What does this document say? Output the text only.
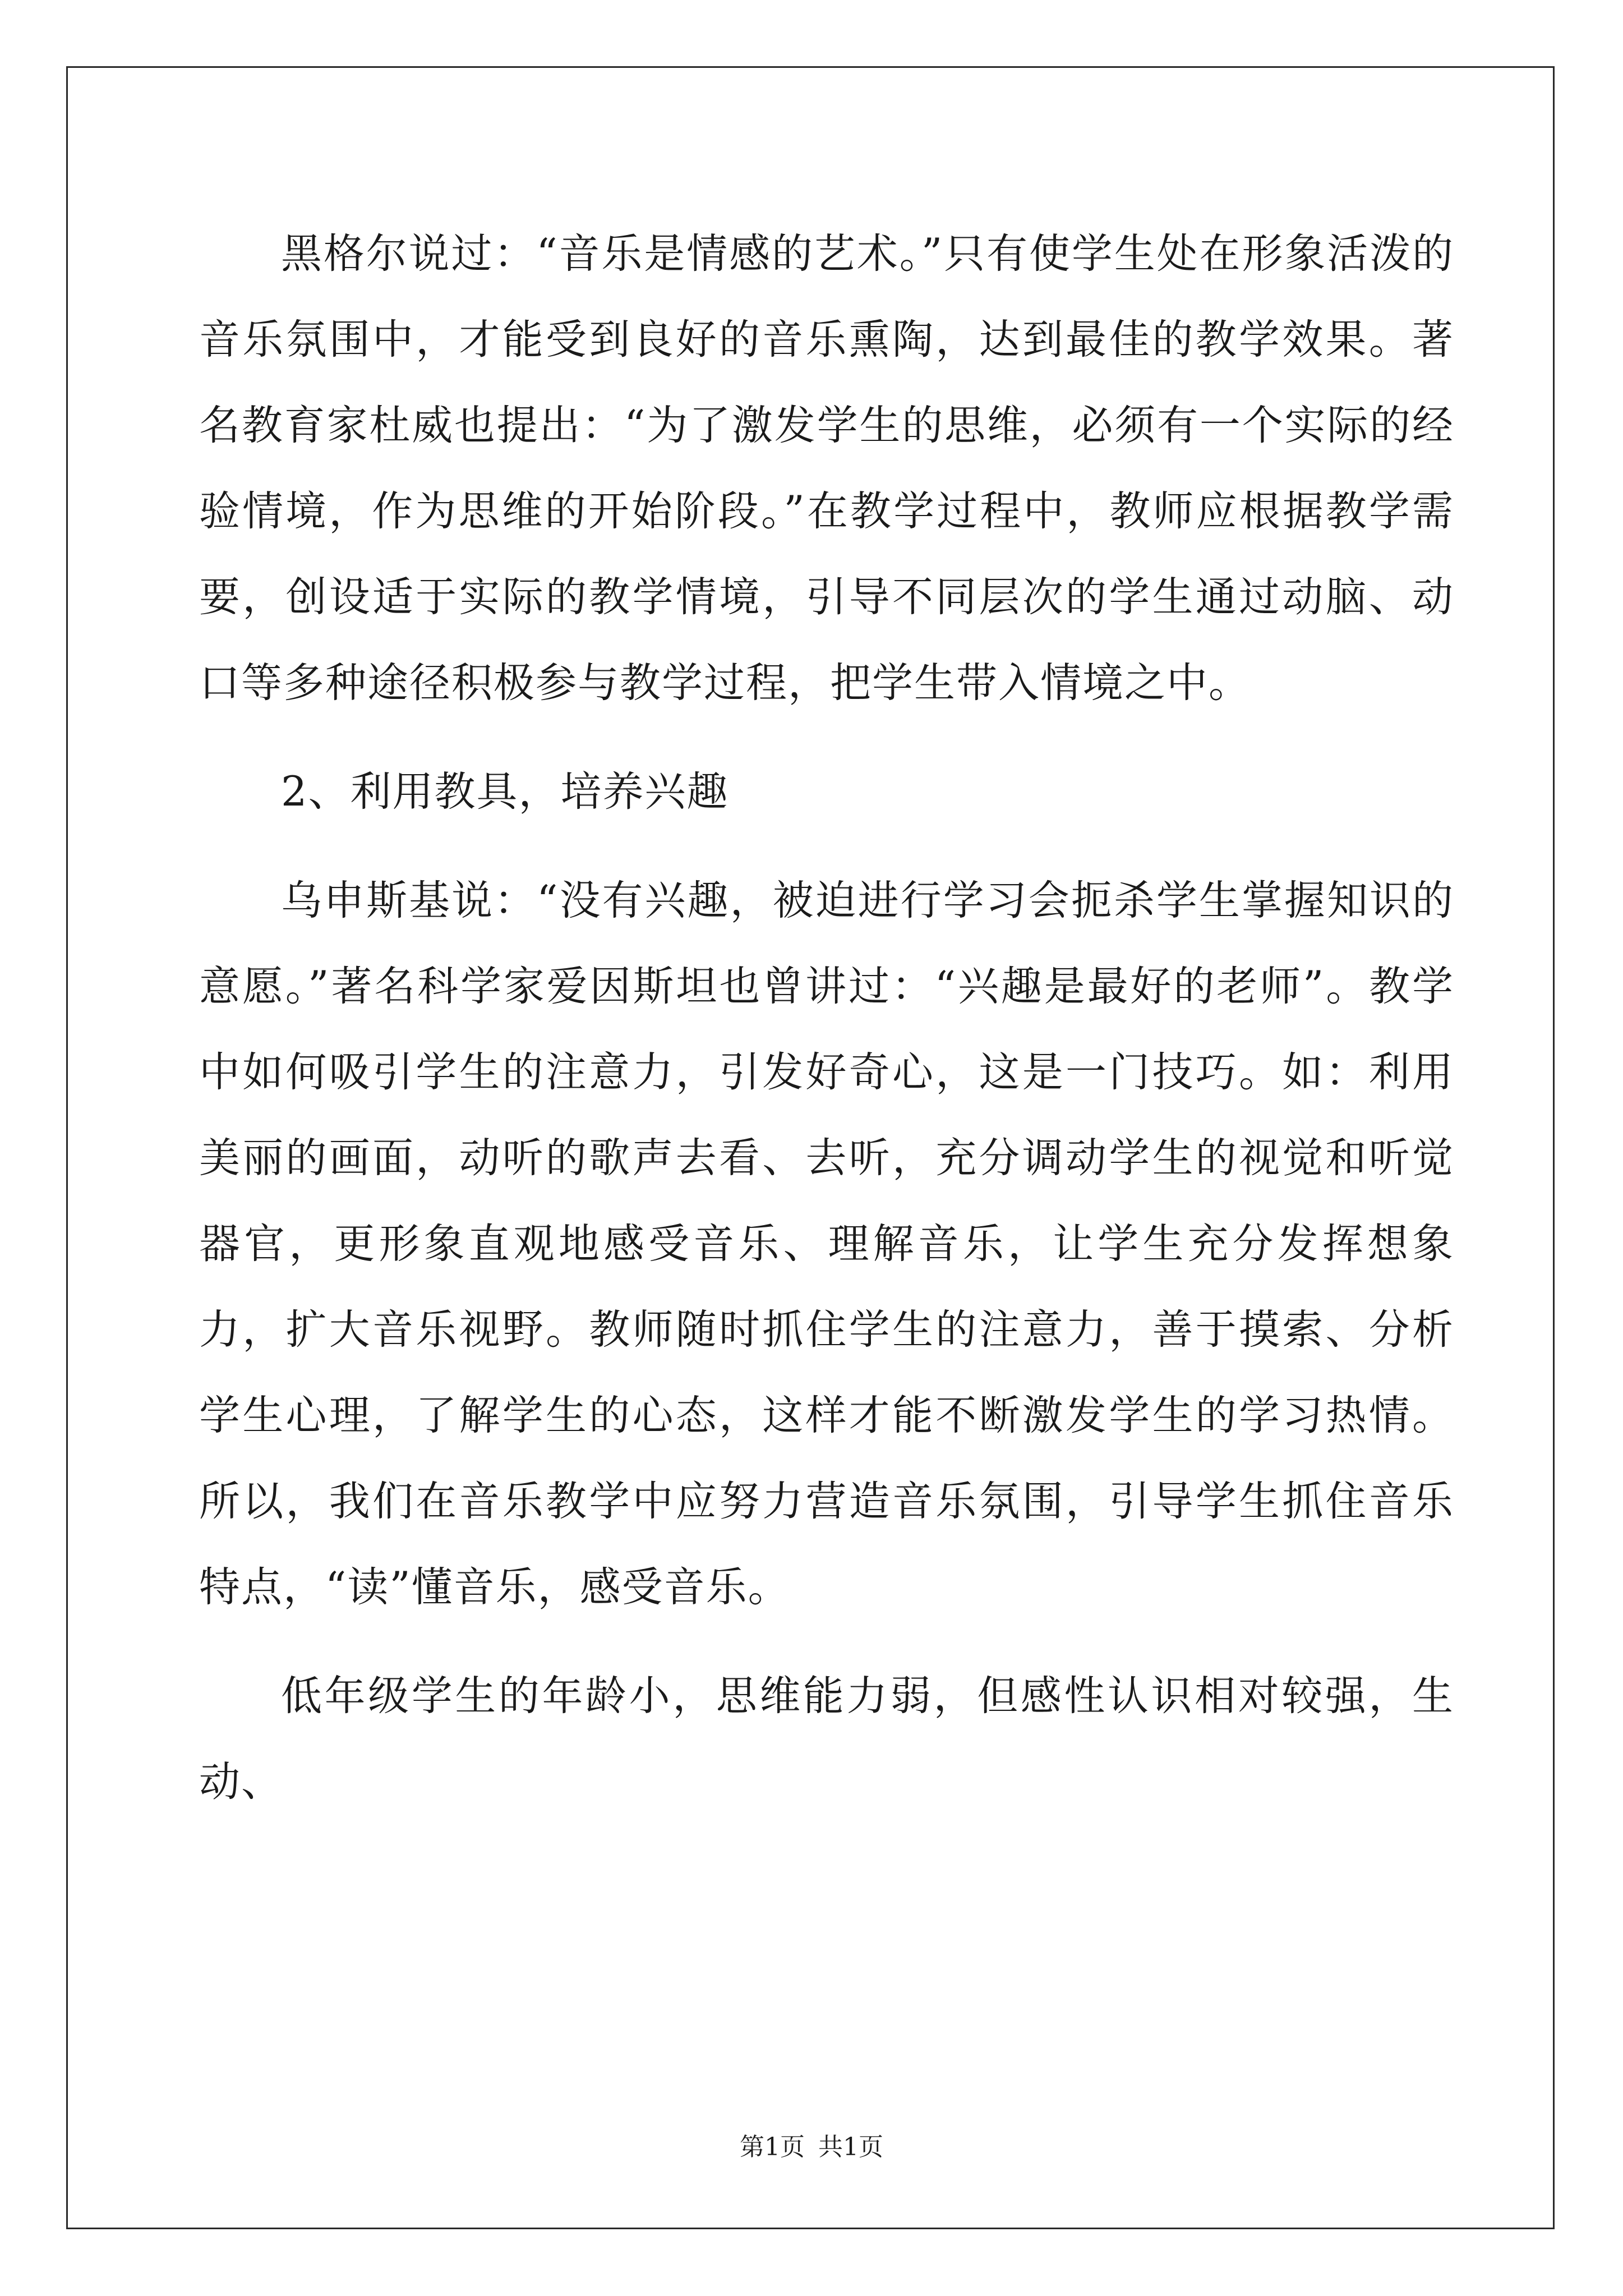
黑格尔说过：“音乐是情感的艺术。”只有使学生处在形象活泼的音乐氛围中，才能受到良好的音乐熏陶，达到最佳的教学效果。著名教育家杜威也提出：“为了激发学生的思维，必须有一个实际的经验情境，作为思维的开始阶段。”在教学过程中，教师应根据教学需要，创设适于实际的教学情境，引导不同层次的学生通过动脑、动口等多种途径积极参与教学过程，把学生带入情境之中。

2、利用教具，培养兴趣

乌申斯基说：“没有兴趣，被迫进行学习会扼杀学生掌握知识的意愿。”著名科学家爱因斯坦也曾讲过：“兴趣是最好的老师”。教学中如何吸引学生的注意力，引发好奇心，这是一门技巧。如：利用美丽的画面，动听的歌声去看、去听，充分调动学生的视觉和听觉器官，更形象直观地感受音乐、理解音乐，让学生充分发挥想象力，扩大音乐视野。教师随时抓住学生的注意力，善于摸索、分析学生心理，了解学生的心态，这样才能不断激发学生的学习热情。所以，我们在音乐教学中应努力营造音乐氛围，引导学生抓住音乐特点，“读”懂音乐，感受音乐。

低年级学生的年龄小，思维能力弱，但感性认识相对较强，生动、

第1页 共1页
